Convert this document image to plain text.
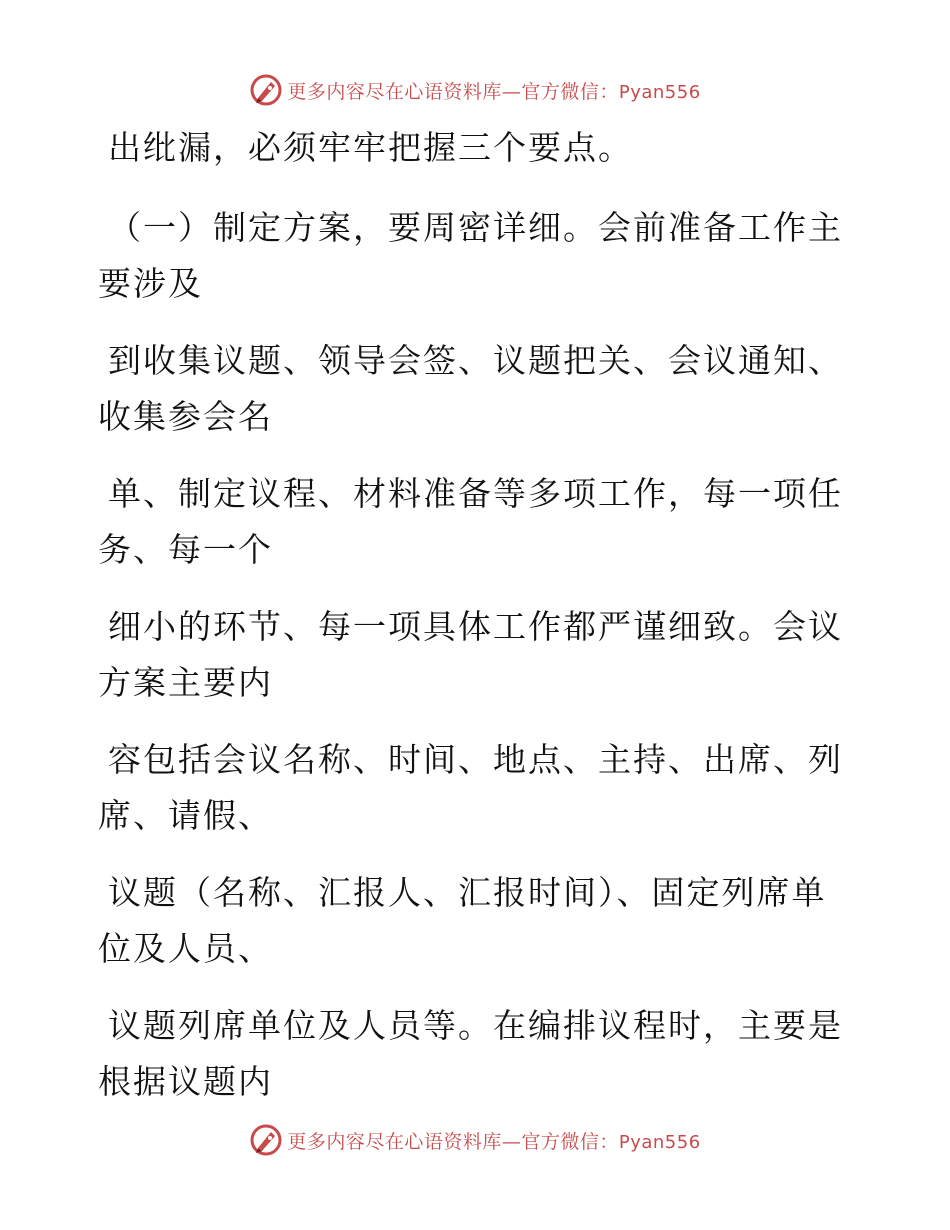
更多内容尽在心语资料库—官方微信：Pyan556
出纰漏，必须牢牢把握三个要点。
（一）制定方案，要周密详细。会前准备工作主
要涉及
到收集议题、领导会签、议题把关、会议通知、
收集参会名
单、制定议程、材料准备等多项工作，每一项任
务、每一个
细小的环节、每一项具体工作都严谨细致。会议
方案主要内
容包括会议名称、时间、地点、主持、出席、列
席、请假、
议题（名称、汇报人、汇报时间）、固定列席单
位及人员、
议题列席单位及人员等。在编排议程时，主要是
根据议题内
更多内容尽在心语资料库—官方微信：Pyan556
